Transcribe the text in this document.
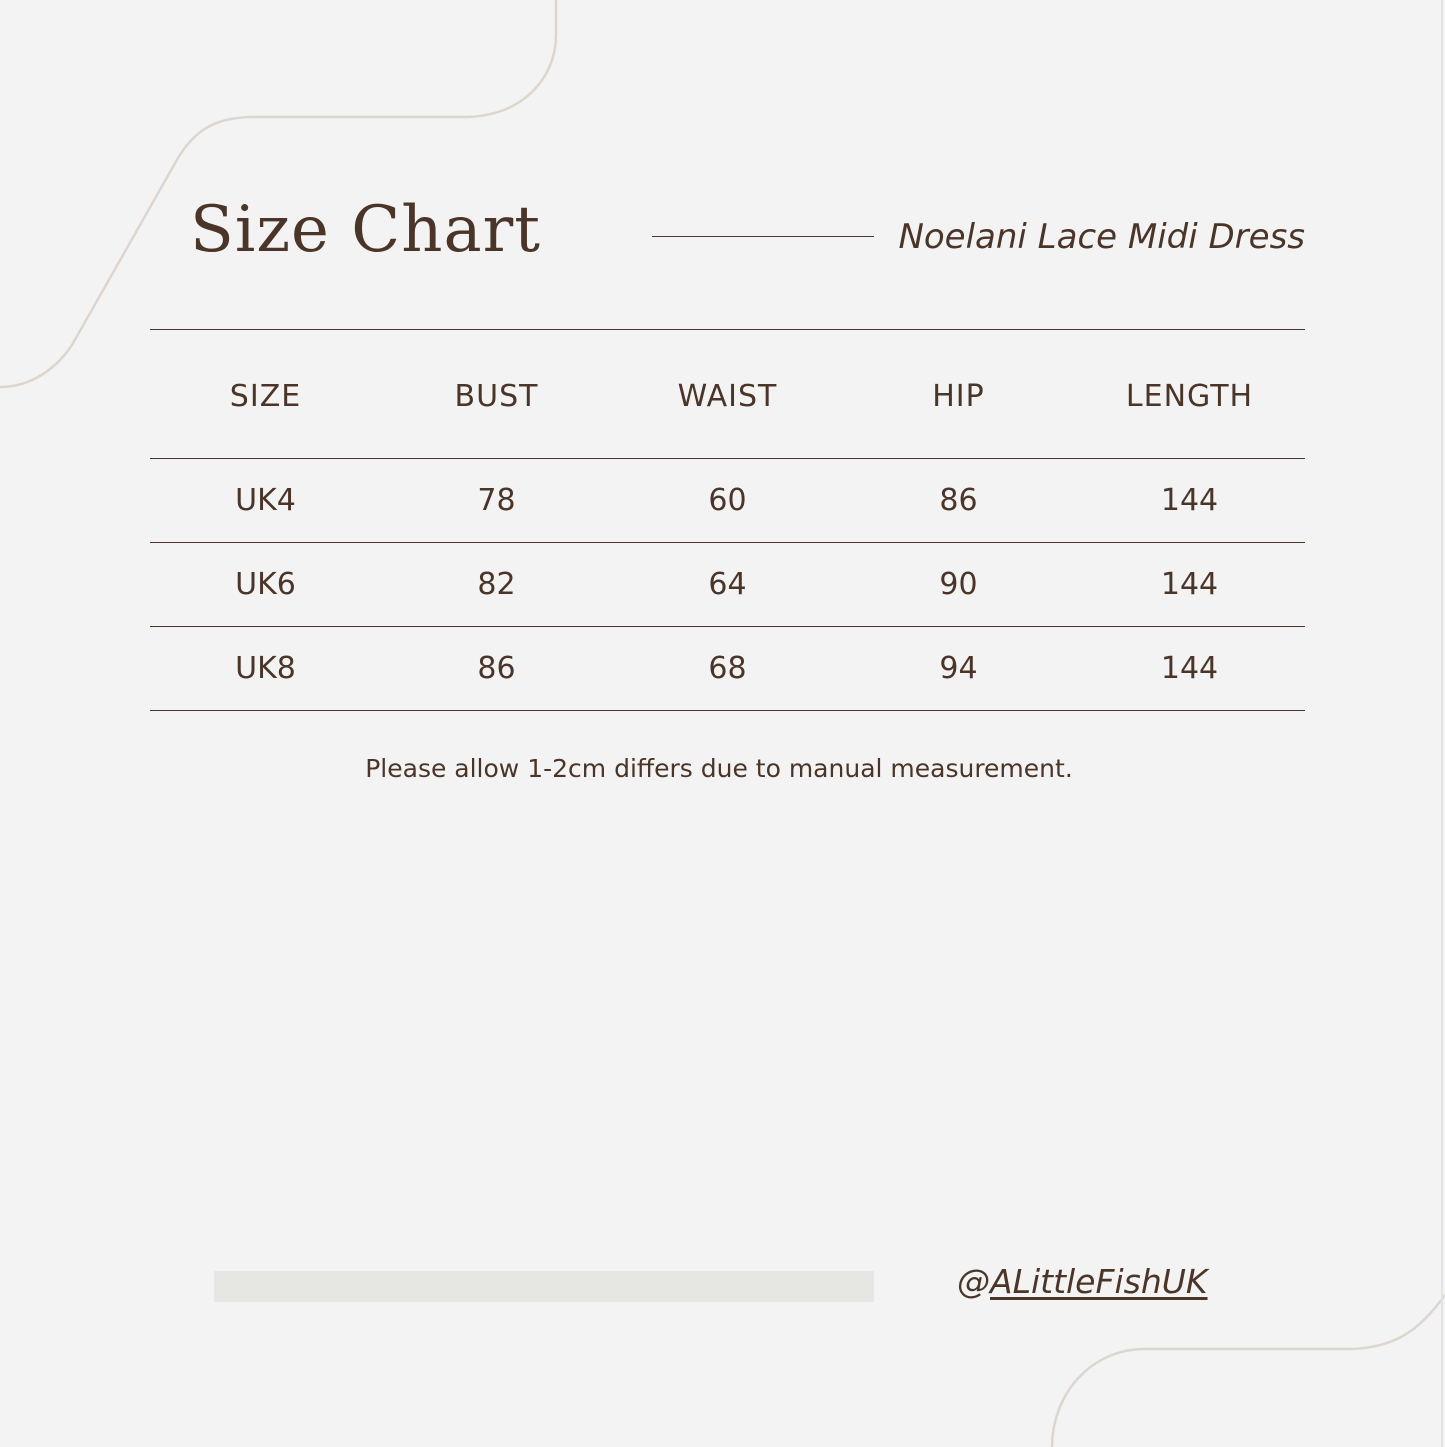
Size Chart	Noelani Lace Midi Dress
SIZE	BUST	WAIST	HIP	LENGTH
UK4	78	60	86	144
UK6	82	64	90	144
UK8	86	68	94	144
Please allow 1-2cm differs due to manual measurement.
@ALittleFishUK
